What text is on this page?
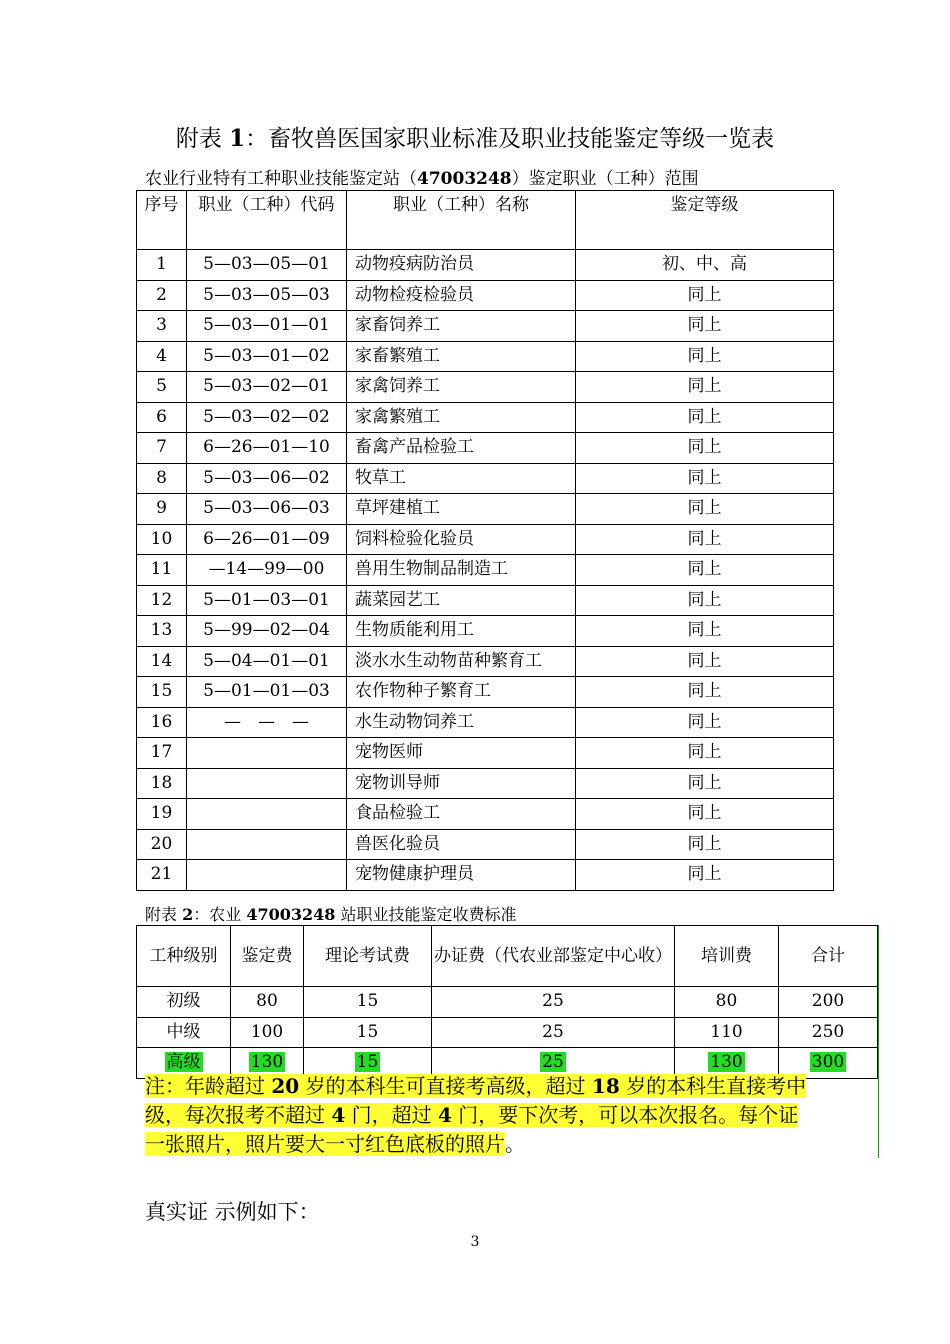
附表 1：畜牧兽医国家职业标准及职业技能鉴定等级一览表
农业行业特有工种职业技能鉴定站（47003248）鉴定职业（工种）范围
序号	职业（工种）代码	职业（工种）名称	鉴定等级
1	5—03—05—01	动物疫病防治员	初、中、高
2	5—03—05—03	动物检疫检验员	同上
3	5—03—01—01	家畜饲养工	同上
4	5—03—01—02	家畜繁殖工	同上
5	5—03—02—01	家禽饲养工	同上
6	5—03—02—02	家禽繁殖工	同上
7	6—26—01—10	畜禽产品检验工	同上
8	5—03—06—02	牧草工	同上
9	5—03—06—03	草坪建植工	同上
10	6—26—01—09	饲料检验化验员	同上
11	—14—99—00	兽用生物制品制造工	同上
12	5—01—03—01	蔬菜园艺工	同上
13	5—99—02—04	生物质能利用工	同上
14	5—04—01—01	淡水水生动物苗种繁育工	同上
15	5—01—01—03	农作物种子繁育工	同上
16	—　—　—	水生动物饲养工	同上
17		宠物医师	同上
18		宠物训导师	同上
19		食品检验工	同上
20		兽医化验员	同上
21		宠物健康护理员	同上
附表 2：农业 47003248 站职业技能鉴定收费标准
工种级别	鉴定费	理论考试费	办证费（代农业部鉴定中心收）	培训费	合计
初级	80	15	25	80	200
中级	100	15	25	110	250
高级	130	15	25	130	300
注：年龄超过 20 岁的本科生可直接考高级，超过 18 岁的本科生直接考中级，每次报考不超过 4 门，超过 4 门，要下次考，可以本次报名。每个证一张照片，照片要大一寸红色底板的照片。
真实证 示例如下：
3
